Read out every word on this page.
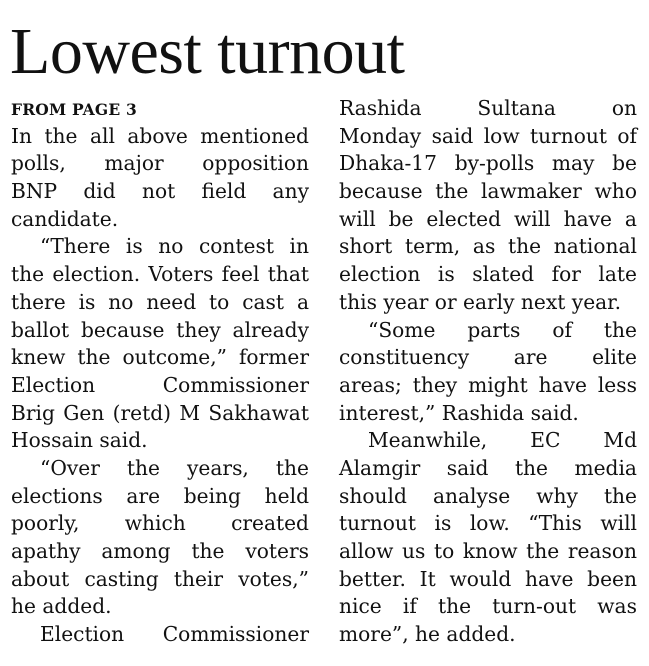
Lowest turnout
FROM PAGE 3
In the all above mentioned
polls, major opposition
BNP did not field any
candidate.
“There is no contest in
the election. Voters feel that
there is no need to cast a
ballot because they already
knew the outcome,” former
Election	Commissioner
Brig Gen (retd) M Sakhawat
Hossain said.
“Over the years, the
elections are being held
poorly, which created
apathy among the voters
about casting their votes,”
he added.
Election Commissioner
Rashida	Sultana	on
Monday said low turnout of
Dhaka-17 by-polls may be
because the lawmaker who
will be elected will have a
short term, as the national
election is slated for late
this year or early next year.
“Some parts of the
constituency are elite
areas; they might have less
interest,” Rashida said.
Meanwhile, EC Md
Alamgir said the media
should analyse why the
turnout is low. “This will
allow us to know the reason
better. It would have been
nice if the turn-out was
more”, he added.
